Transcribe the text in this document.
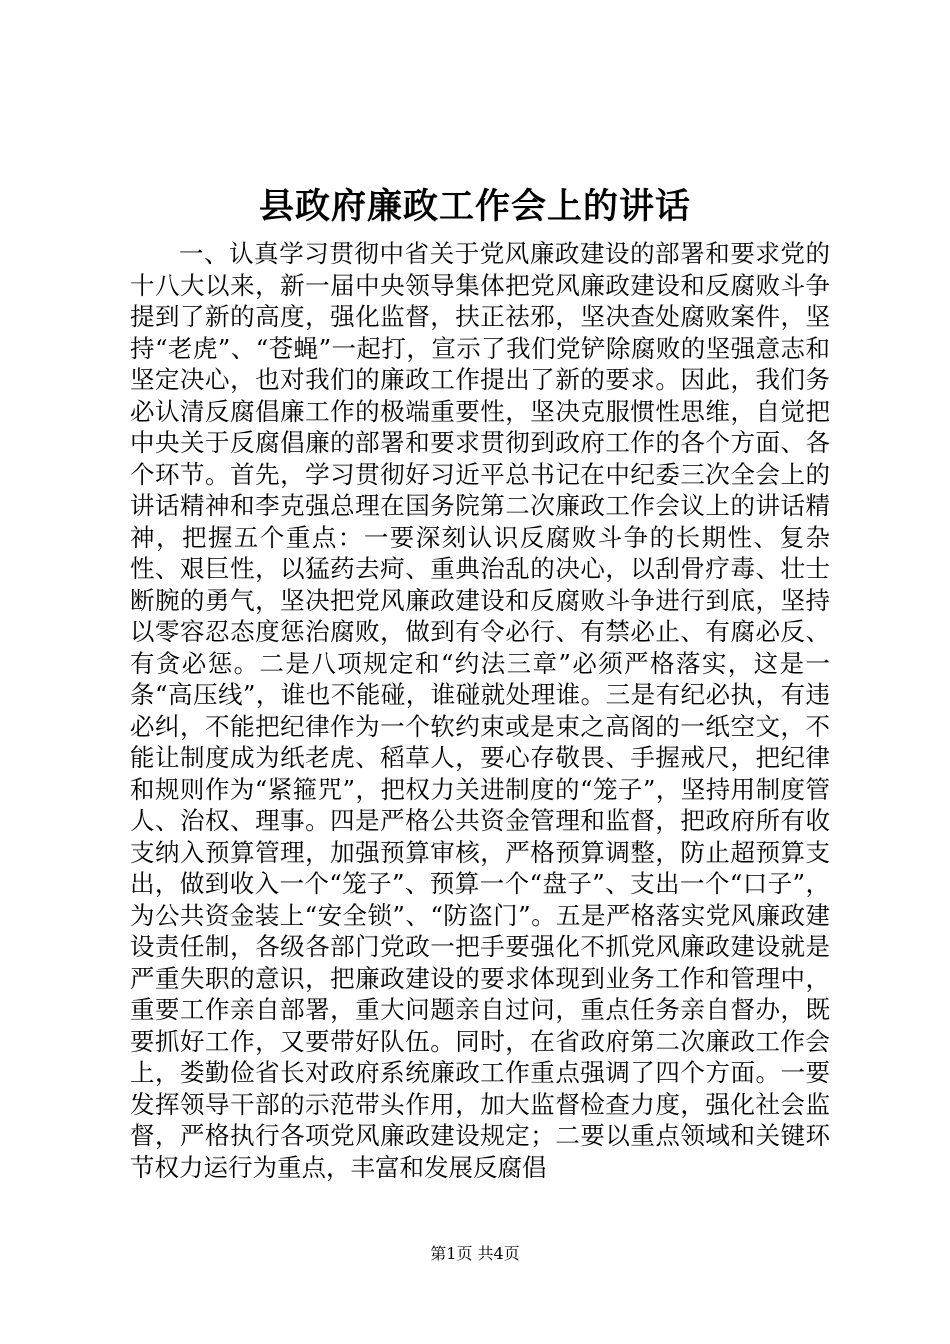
县政府廉政工作会上的讲话

一、认真学习贯彻中省关于党风廉政建设的部署和要求党的十八大以来，新一届中央领导集体把党风廉政建设和反腐败斗争提到了新的高度，强化监督，扶正祛邪，坚决查处腐败案件，坚持“老虎”、“苍蝇”一起打，宣示了我们党铲除腐败的坚强意志和坚定决心，也对我们的廉政工作提出了新的要求。因此，我们务必认清反腐倡廉工作的极端重要性，坚决克服惯性思维，自觉把中央关于反腐倡廉的部署和要求贯彻到政府工作的各个方面、各个环节。首先，学习贯彻好习近平总书记在中纪委三次全会上的讲话精神和李克强总理在国务院第二次廉政工作会议上的讲话精神，把握五个重点：一要深刻认识反腐败斗争的长期性、复杂性、艰巨性，以猛药去疴、重典治乱的决心，以刮骨疗毒、壮士断腕的勇气，坚决把党风廉政建设和反腐败斗争进行到底，坚持以零容忍态度惩治腐败，做到有令必行、有禁必止、有腐必反、有贪必惩。二是八项规定和“约法三章”必须严格落实，这是一条“高压线”，谁也不能碰，谁碰就处理谁。三是有纪必执，有违必纠，不能把纪律作为一个软约束或是束之高阁的一纸空文，不能让制度成为纸老虎、稻草人，要心存敬畏、手握戒尺，把纪律和规则作为“紧箍咒”，把权力关进制度的“笼子”，坚持用制度管人、治权、理事。四是严格公共资金管理和监督，把政府所有收支纳入预算管理，加强预算审核，严格预算调整，防止超预算支出，做到收入一个“笼子”、预算一个“盘子”、支出一个“口子”，为公共资金装上“安全锁”、“防盗门”。五是严格落实党风廉政建设责任制，各级各部门党政一把手要强化不抓党风廉政建设就是严重失职的意识，把廉政建设的要求体现到业务工作和管理中，重要工作亲自部署，重大问题亲自过问，重点任务亲自督办，既要抓好工作，又要带好队伍。同时，在省政府第二次廉政工作会上，娄勤俭省长对政府系统廉政工作重点强调了四个方面。一要发挥领导干部的示范带头作用，加大监督检查力度，强化社会监督，严格执行各项党风廉政建设规定；二要以重点领域和关键环节权力运行为重点，丰富和发展反腐倡

第1页 共4页
